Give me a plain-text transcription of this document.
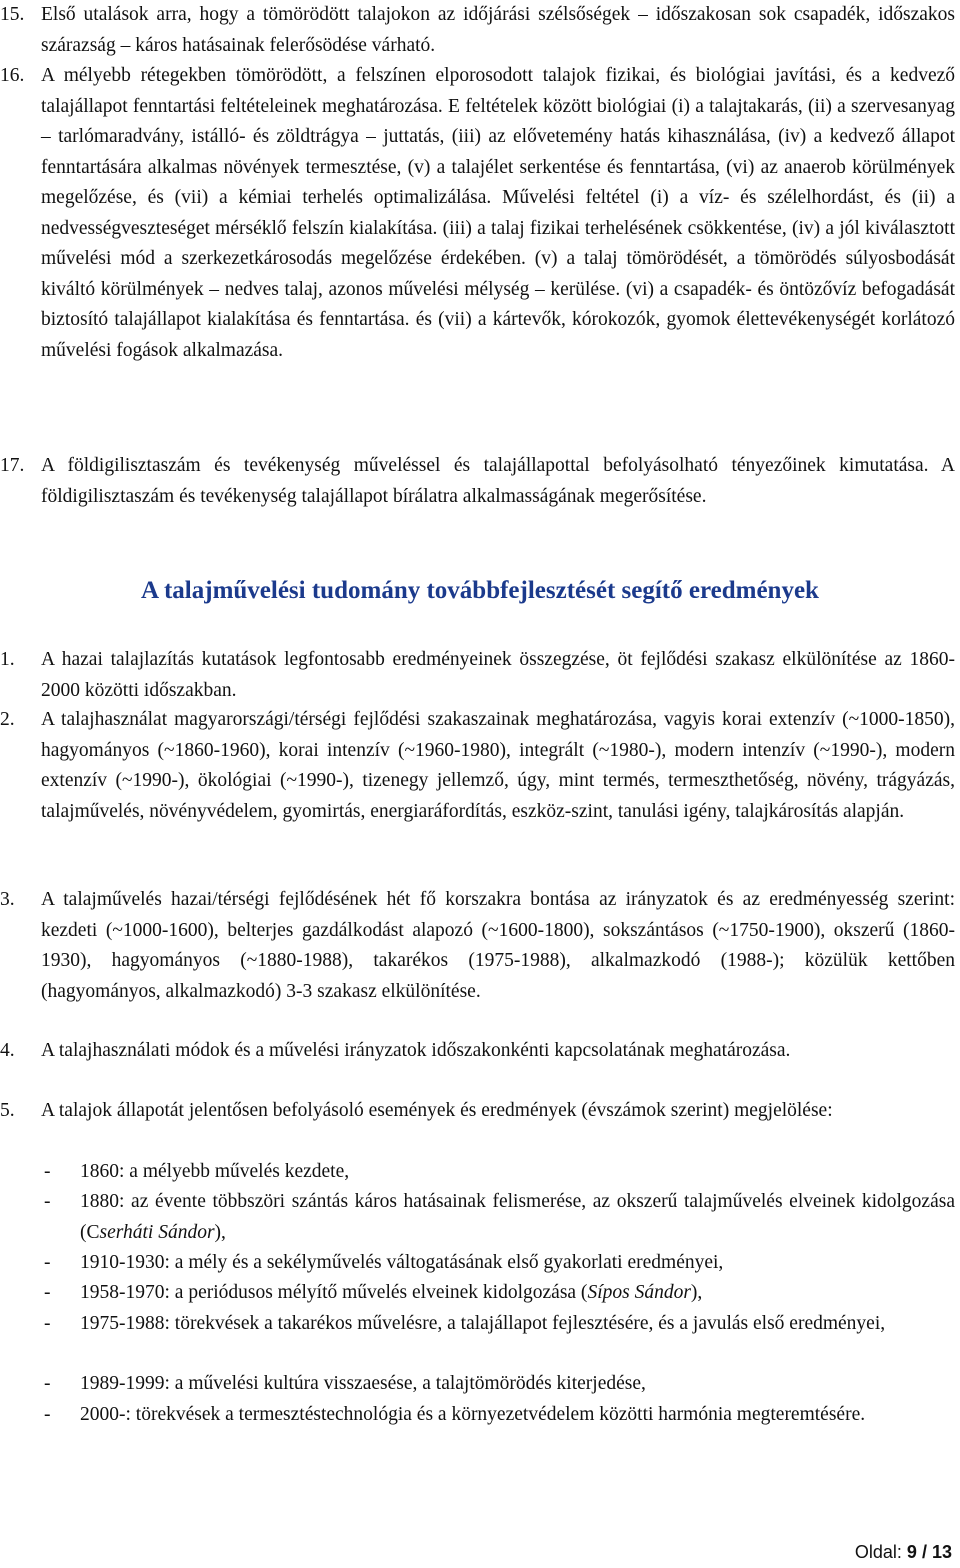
15. Első utalások arra, hogy a tömörödött talajokon az időjárási szélsőségek – időszakosan sok csapadék, időszakos szárazság – káros hatásainak felerősödése várható.
16. A mélyebb rétegekben tömörödött, a felszínen elporosodott talajok fizikai, és biológiai javítási, és a kedvező talajállapot fenntartási feltételeinek meghatározása. E feltételek között biológiai (i) a talajtakarás, (ii) a szervesanyag – tarlómaradvány, istálló- és zöldtrágya – juttatás, (iii) az elővetemény hatás kihasználása, (iv) a kedvező állapot fenntartására alkalmas növények termesztése, (v) a talajélet serkentése és fenntartása, (vi) az anaerob körülmények megelőzése, és (vii) a kémiai terhelés optimalizálása. Művelési feltétel (i) a víz- és szélelhordást, és (ii) a nedvességveszteséget mérséklő felszín kialakítása. (iii) a talaj fizikai terhelésének csökkentése, (iv) a jól kiválasztott művelési mód a szerkezetkárosodás megelőzése érdekében. (v) a talaj tömörödését, a tömörödés súlyosbodását kiváltó körülmények – nedves talaj, azonos művelési mélység – kerülése. (vi) a csapadék- és öntözővíz befogadását biztosító talajállapot kialakítása és fenntartása. és (vii) a kártevők, kórokozók, gyomok élettevékenységét korlátozó művelési fogások alkalmazása.
17. A földigilisztaszám és tevékenység műveléssel és talajállapottal befolyásolható tényezőinek kimutatása. A földigilisztaszám és tevékenység talajállapot bírálatra alkalmasságának megerősítése.
A talajművelési tudomány továbbfejlesztését segítő eredmények
1. A hazai talajlazítás kutatások legfontosabb eredményeinek összegzése, öt fejlődési szakasz elkülönítése az 1860-2000 közötti időszakban.
2. A talajhasználat magyarországi/térségi fejlődési szakaszainak meghatározása, vagyis korai extenzív (~1000-1850), hagyományos (~1860-1960), korai intenzív (~1960-1980), integrált (~1980-), modern intenzív (~1990-), modern extenzív (~1990-), ökológiai (~1990-), tizenegy jellemző, úgy, mint termés, termeszthetőség, növény, trágyázás, talajművelés, növényvédelem, gyomirtás, energiaráfordítás, eszköz-szint, tanulási igény, talajkárosítás alapján.
3. A talajművelés hazai/térségi fejlődésének hét fő korszakra bontása az irányzatok és az eredményesség szerint: kezdeti (~1000-1600), belterjes gazdálkodást alapozó (~1600-1800), sokszántásos (~1750-1900), okszerű (1860-1930), hagyományos (~1880-1988), takarékos (1975-1988), alkalmazkodó (1988-); közülük kettőben (hagyományos, alkalmazkodó) 3-3 szakasz elkülönítése.
4. A talajhasználati módok és a művelési irányzatok időszakonkénti kapcsolatának meghatározása.
5. A talajok állapotát jelentősen befolyásoló események és eredmények (évszámok szerint) megjelölése:
- 1860: a mélyebb művelés kezdete,
- 1880: az évente többszöri szántás káros hatásainak felismerése, az okszerű talajművelés elveinek kidolgozása (Cserháti Sándor),
- 1910-1930: a mély és a sekélyművelés váltogatásának első gyakorlati eredményei,
- 1958-1970: a periódusos mélyítő művelés elveinek kidolgozása (Sípos Sándor),
- 1975-1988: törekvések a takarékos művelésre, a talajállapot fejlesztésére, és a javulás első eredményei,
- 1989-1999: a művelési kultúra visszaesése, a talajtömörödés kiterjedése,
- 2000-: törekvések a termesztéstechnológia és a környezetvédelem közötti harmónia megteremtésére.
Oldal: 9 / 13
